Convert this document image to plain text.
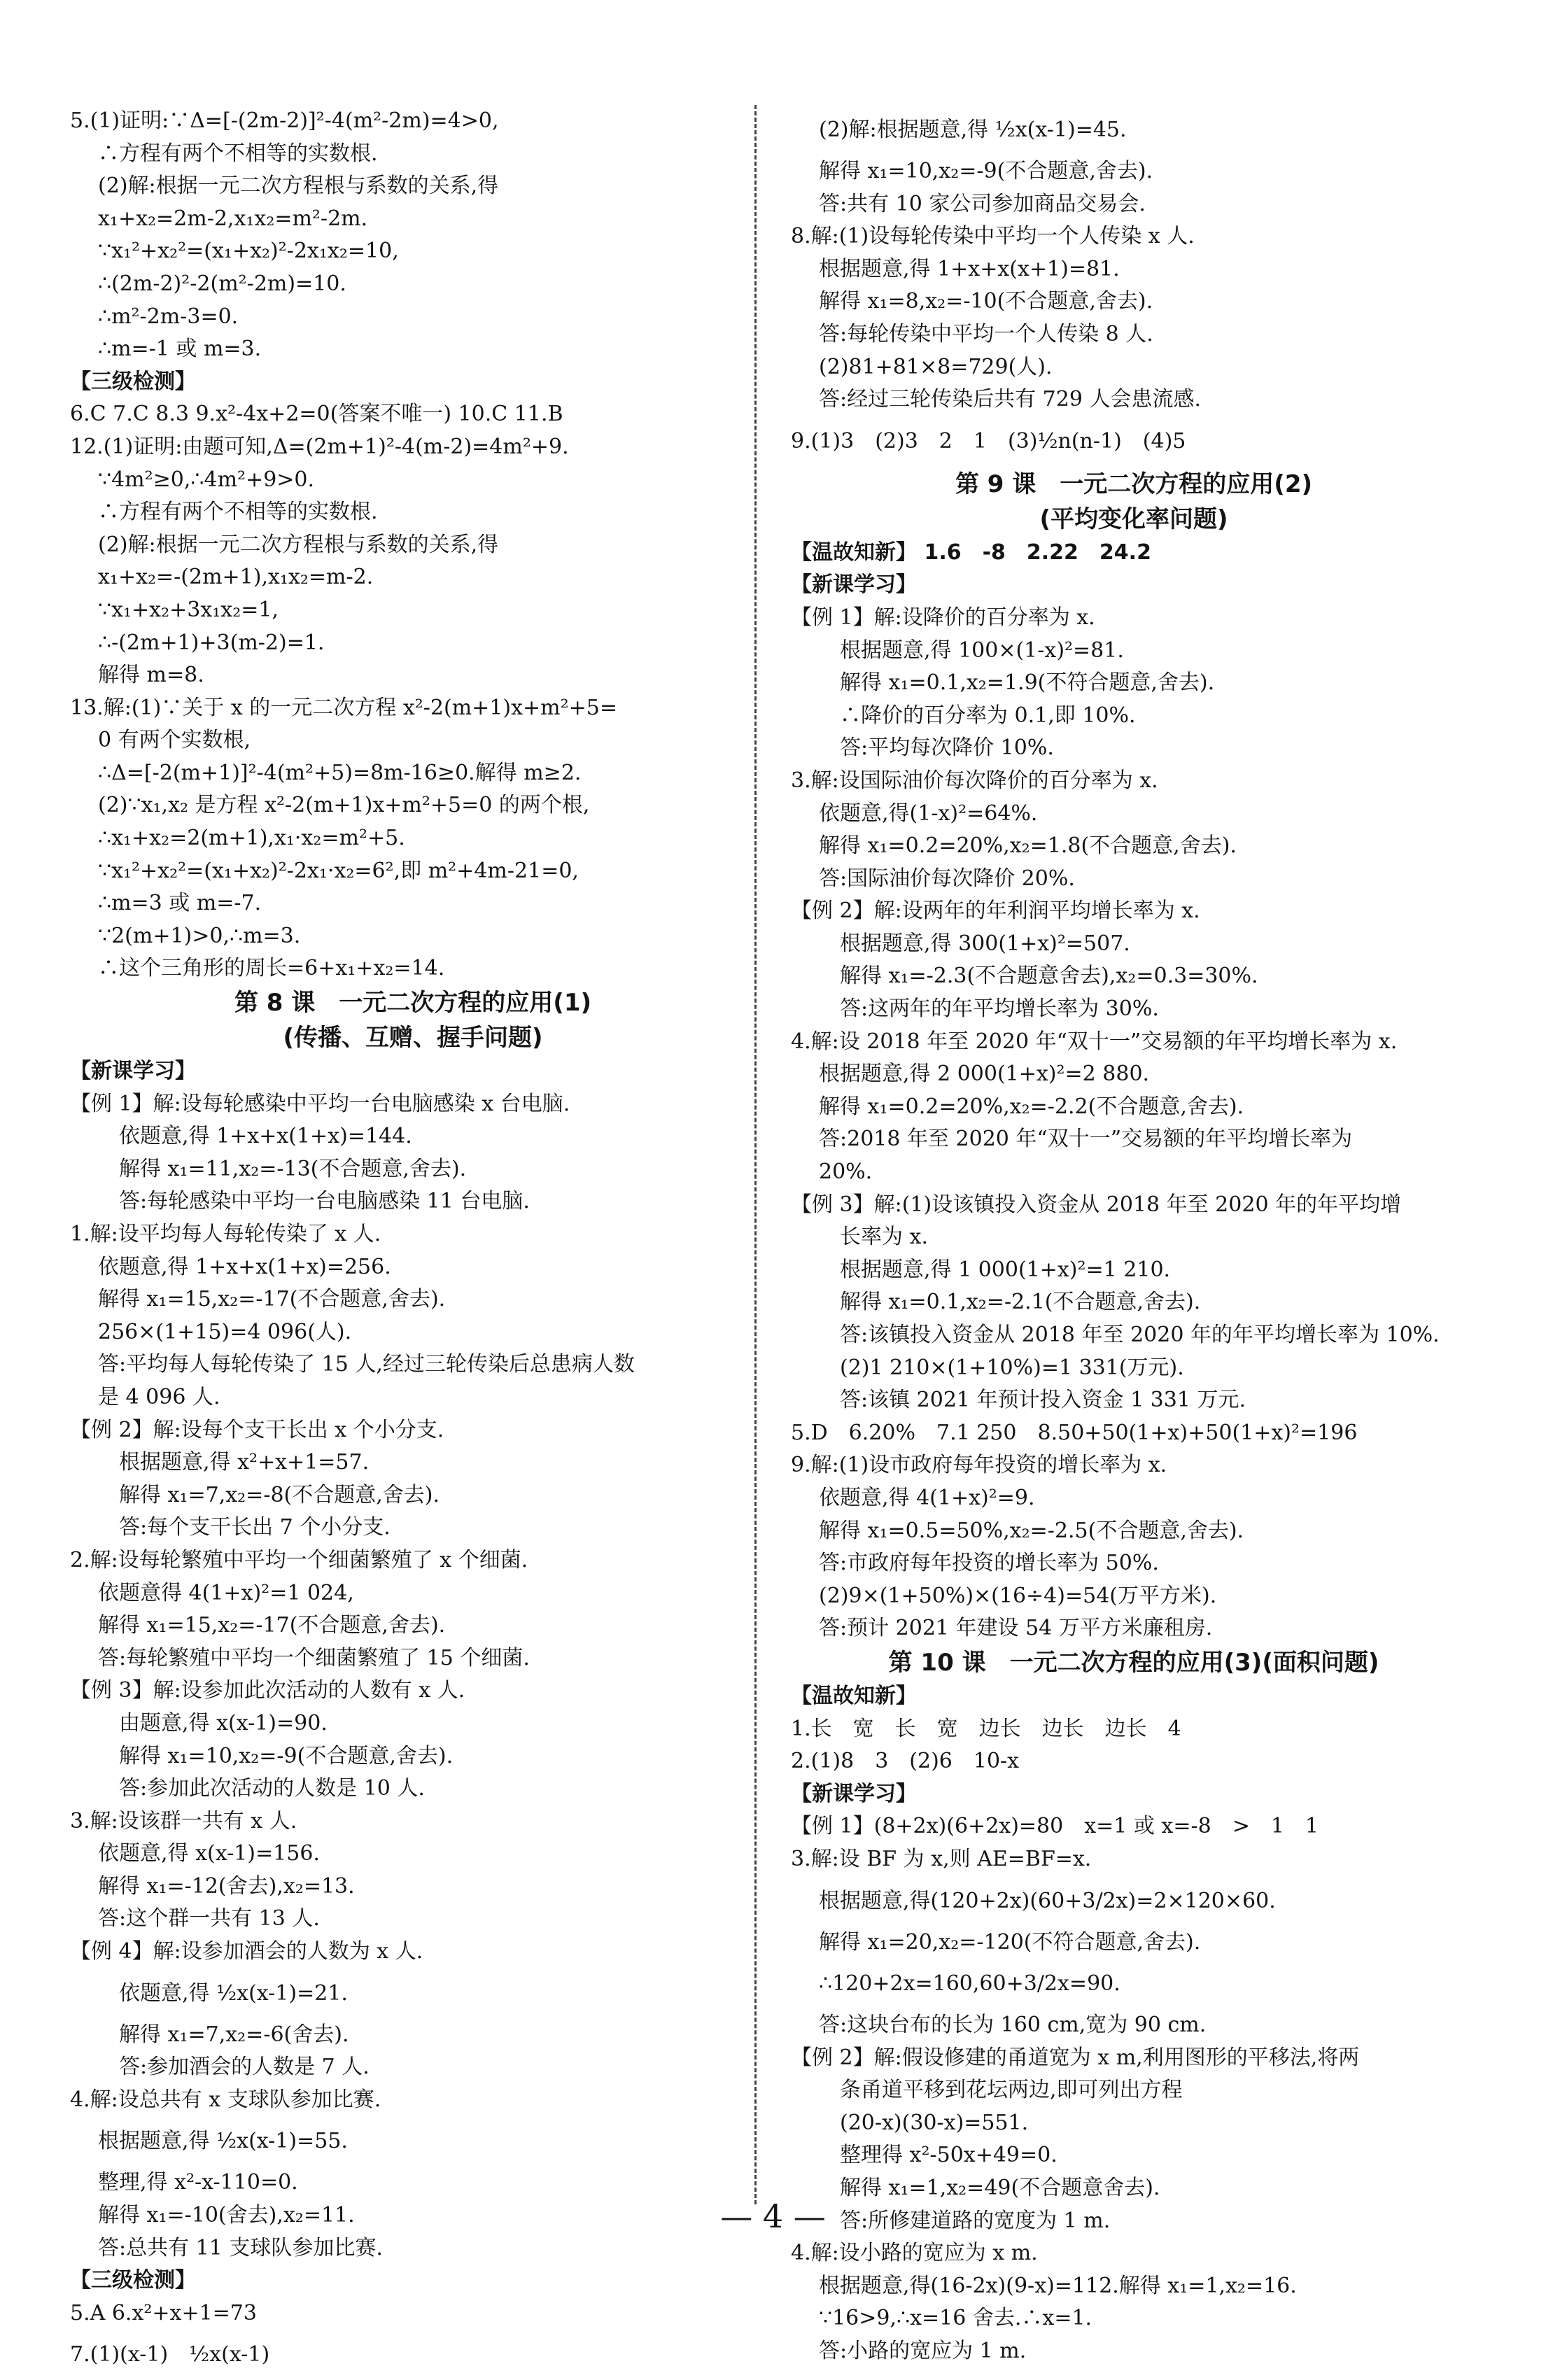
5.(1)证明:∵Δ=[-(2m-2)]²-4(m²-2m)=4>0,
∴方程有两个不相等的实数根.
(2)解:根据一元二次方程根与系数的关系,得
x₁+x₂=2m-2,x₁x₂=m²-2m.
∵x₁²+x₂²=(x₁+x₂)²-2x₁x₂=10,
∴(2m-2)²-2(m²-2m)=10.
∴m²-2m-3=0.
∴m=-1 或 m=3.
【三级检测】
6.C 7.C 8.3 9.x²-4x+2=0(答案不唯一) 10.C 11.B
12.(1)证明:由题可知,Δ=(2m+1)²-4(m-2)=4m²+9.
∵4m²≥0,∴4m²+9>0.
∴方程有两个不相等的实数根.
(2)解:根据一元二次方程根与系数的关系,得
x₁+x₂=-(2m+1),x₁x₂=m-2.
∵x₁+x₂+3x₁x₂=1,
∴-(2m+1)+3(m-2)=1.
解得 m=8.
13.解:(1)∵关于 x 的一元二次方程 x²-2(m+1)x+m²+5=
0 有两个实数根,
∴Δ=[-2(m+1)]²-4(m²+5)=8m-16≥0.解得 m≥2.
(2)∵x₁,x₂ 是方程 x²-2(m+1)x+m²+5=0 的两个根,
∴x₁+x₂=2(m+1),x₁·x₂=m²+5.
∵x₁²+x₂²=(x₁+x₂)²-2x₁·x₂=6²,即 m²+4m-21=0,
∴m=3 或 m=-7.
∵2(m+1)>0,∴m=3.
∴这个三角形的周长=6+x₁+x₂=14.
第 8 课　一元二次方程的应用(1)
(传播、互赠、握手问题)
【新课学习】
【例 1】解:设每轮感染中平均一台电脑感染 x 台电脑.
依题意,得 1+x+x(1+x)=144.
解得 x₁=11,x₂=-13(不合题意,舍去).
答:每轮感染中平均一台电脑感染 11 台电脑.
1.解:设平均每人每轮传染了 x 人.
依题意,得 1+x+x(1+x)=256.
解得 x₁=15,x₂=-17(不合题意,舍去).
256×(1+15)=4 096(人).
答:平均每人每轮传染了 15 人,经过三轮传染后总患病人数
是 4 096 人.
【例 2】解:设每个支干长出 x 个小分支.
根据题意,得 x²+x+1=57.
解得 x₁=7,x₂=-8(不合题意,舍去).
答:每个支干长出 7 个小分支.
2.解:设每轮繁殖中平均一个细菌繁殖了 x 个细菌.
依题意得 4(1+x)²=1 024,
解得 x₁=15,x₂=-17(不合题意,舍去).
答:每轮繁殖中平均一个细菌繁殖了 15 个细菌.
【例 3】解:设参加此次活动的人数有 x 人.
由题意,得 x(x-1)=90.
解得 x₁=10,x₂=-9(不合题意,舍去).
答:参加此次活动的人数是 10 人.
3.解:设该群一共有 x 人.
依题意,得 x(x-1)=156.
解得 x₁=-12(舍去),x₂=13.
答:这个群一共有 13 人.
【例 4】解:设参加酒会的人数为 x 人.
依题意,得 ½x(x-1)=21.
解得 x₁=7,x₂=-6(舍去).
答:参加酒会的人数是 7 人.
4.解:设总共有 x 支球队参加比赛.
根据题意,得 ½x(x-1)=55.
整理,得 x²-x-110=0.
解得 x₁=-10(舍去),x₂=11.
答:总共有 11 支球队参加比赛.
【三级检测】
5.A 6.x²+x+1=73
7.(1)(x-1)　½x(x-1)
(2)解:根据题意,得 ½x(x-1)=45.
解得 x₁=10,x₂=-9(不合题意,舍去).
答:共有 10 家公司参加商品交易会.
8.解:(1)设每轮传染中平均一个人传染 x 人.
根据题意,得 1+x+x(x+1)=81.
解得 x₁=8,x₂=-10(不合题意,舍去).
答:每轮传染中平均一个人传染 8 人.
(2)81+81×8=729(人).
答:经过三轮传染后共有 729 人会患流感.
9.(1)3　(2)3　2　1　(3)½n(n-1)　(4)5
第 9 课　一元二次方程的应用(2)
(平均变化率问题)
【温故知新】 1.6　-8　2.22　24.2
【新课学习】
【例 1】解:设降价的百分率为 x.
根据题意,得 100×(1-x)²=81.
解得 x₁=0.1,x₂=1.9(不符合题意,舍去).
∴降价的百分率为 0.1,即 10%.
答:平均每次降价 10%.
3.解:设国际油价每次降价的百分率为 x.
依题意,得(1-x)²=64%.
解得 x₁=0.2=20%,x₂=1.8(不合题意,舍去).
答:国际油价每次降价 20%.
【例 2】解:设两年的年利润平均增长率为 x.
根据题意,得 300(1+x)²=507.
解得 x₁=-2.3(不合题意舍去),x₂=0.3=30%.
答:这两年的年平均增长率为 30%.
4.解:设 2018 年至 2020 年“双十一”交易额的年平均增长率为 x.
根据题意,得 2 000(1+x)²=2 880.
解得 x₁=0.2=20%,x₂=-2.2(不合题意,舍去).
答:2018 年至 2020 年“双十一”交易额的年平均增长率为
20%.
【例 3】解:(1)设该镇投入资金从 2018 年至 2020 年的年平均增
长率为 x.
根据题意,得 1 000(1+x)²=1 210.
解得 x₁=0.1,x₂=-2.1(不合题意,舍去).
答:该镇投入资金从 2018 年至 2020 年的年平均增长率为 10%.
(2)1 210×(1+10%)=1 331(万元).
答:该镇 2021 年预计投入资金 1 331 万元.
5.D　6.20%　7.1 250　8.50+50(1+x)+50(1+x)²=196
9.解:(1)设市政府每年投资的增长率为 x.
依题意,得 4(1+x)²=9.
解得 x₁=0.5=50%,x₂=-2.5(不合题意,舍去).
答:市政府每年投资的增长率为 50%.
(2)9×(1+50%)×(16÷4)=54(万平方米).
答:预计 2021 年建设 54 万平方米廉租房.
第 10 课　一元二次方程的应用(3)(面积问题)
【温故知新】
1.长　宽　长　宽　边长　边长　边长　4
2.(1)8　3　(2)6　10-x
【新课学习】
【例 1】(8+2x)(6+2x)=80　x=1 或 x=-8　>　1　1
3.解:设 BF 为 x,则 AE=BF=x.
根据题意,得(120+2x)(60+3/2x)=2×120×60.
解得 x₁=20,x₂=-120(不符合题意,舍去).
∴120+2x=160,60+3/2x=90.
答:这块台布的长为 160 cm,宽为 90 cm.
【例 2】解:假设修建的甬道宽为 x m,利用图形的平移法,将两
条甬道平移到花坛两边,即可列出方程
(20-x)(30-x)=551.
整理得 x²-50x+49=0.
解得 x₁=1,x₂=49(不合题意舍去).
答:所修建道路的宽度为 1 m.
4.解:设小路的宽应为 x m.
根据题意,得(16-2x)(9-x)=112.解得 x₁=1,x₂=16.
∵16>9,∴x=16 舍去.∴x=1.
答:小路的宽应为 1 m.
— 4 —
